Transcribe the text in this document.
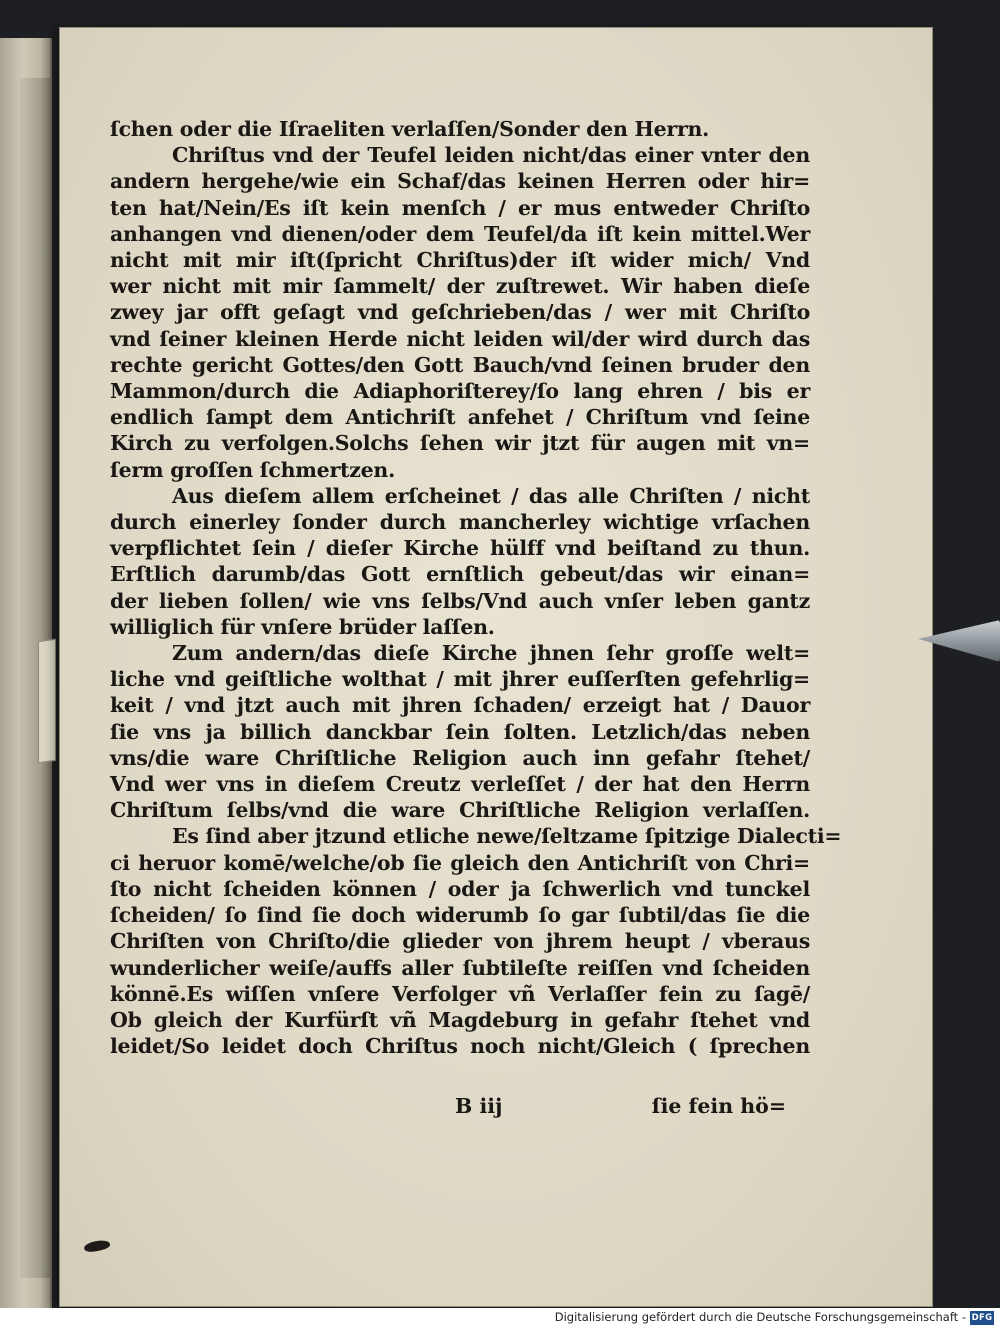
ſchen oder die Iſraeliten verlaſſen/Sonder den Herrn.
Chriſtus vnd der Teufel leiden nicht/das einer vnter den
andern hergehe/wie ein Schaf/das keinen Herren oder hir=
ten hat/Nein/Es iſt kein menſch / er mus entweder Chriſto
anhangen vnd dienen/oder dem Teufel/da iſt kein mittel.Wer
nicht mit mir iſt(ſpricht Chriſtus)der iſt wider mich/ Vnd
wer nicht mit mir ſammelt/ der zuſtrewet. Wir haben dieſe
zwey jar offt geſagt vnd geſchrieben/das / wer mit Chriſto
vnd ſeiner kleinen Herde nicht leiden wil/der wird durch das
rechte gericht Gottes/den Gott Bauch/vnd ſeinen bruder den
Mammon/durch die Adiaphoriſterey/ſo lang ehren / bis er
endlich ſampt dem Antichriſt anfehet / Chriſtum vnd ſeine
Kirch zu verfolgen.Solchs ſehen wir jtzt für augen mit vn=
ſerm groſſen ſchmertzen.
Aus dieſem allem erſcheinet / das alle Chriſten / nicht
durch einerley ſonder durch mancherley wichtige vrſachen
verpflichtet ſein / dieſer Kirche hülff vnd beiſtand zu thun.
Erſtlich darumb/das Gott ernſtlich gebeut/das wir einan=
der lieben ſollen/ wie vns ſelbs/Vnd auch vnſer leben gantz
williglich für vnſere brüder laſſen.
Zum andern/das dieſe Kirche jhnen ſehr groſſe welt=
liche vnd geiſtliche wolthat / mit jhrer euſſerſten gefehrlig=
keit / vnd jtzt auch mit jhren ſchaden/ erzeigt hat / Dauor
ſie vns ja billich danckbar ſein ſolten. Letzlich/das neben
vns/die ware Chriſtliche Religion auch inn gefahr ſtehet/
Vnd wer vns in dieſem Creutz verleſſet / der hat den Herrn
Chriſtum ſelbs/vnd die ware Chriſtliche Religion verlaſſen.
Es ſind aber jtzund etliche newe/ſeltzame ſpitzige Dialecti=
ci heruor komē/welche/ob ſie gleich den Antichriſt von Chri=
ſto nicht ſcheiden können / oder ja ſchwerlich vnd tunckel
ſcheiden/ ſo ſind ſie doch widerumb ſo gar ſubtil/das ſie die
Chriſten von Chriſto/die glieder von jhrem heupt / vberaus
wunderlicher weiſe/auffs aller ſubtileſte reiſſen vnd ſcheiden
könnē.Es wiſſen vnſere Verfolger vñ Verlaſſer fein zu ſagē/
Ob gleich der Kurfürſt vñ Magdeburg in gefahr ſtehet vnd
leidet/So leidet doch Chriſtus noch nicht/Gleich ( ſprechen
B iij	ſie fein hö=
Digitalisierung gefördert durch die Deutsche Forschungsgemeinschaft - DFG
